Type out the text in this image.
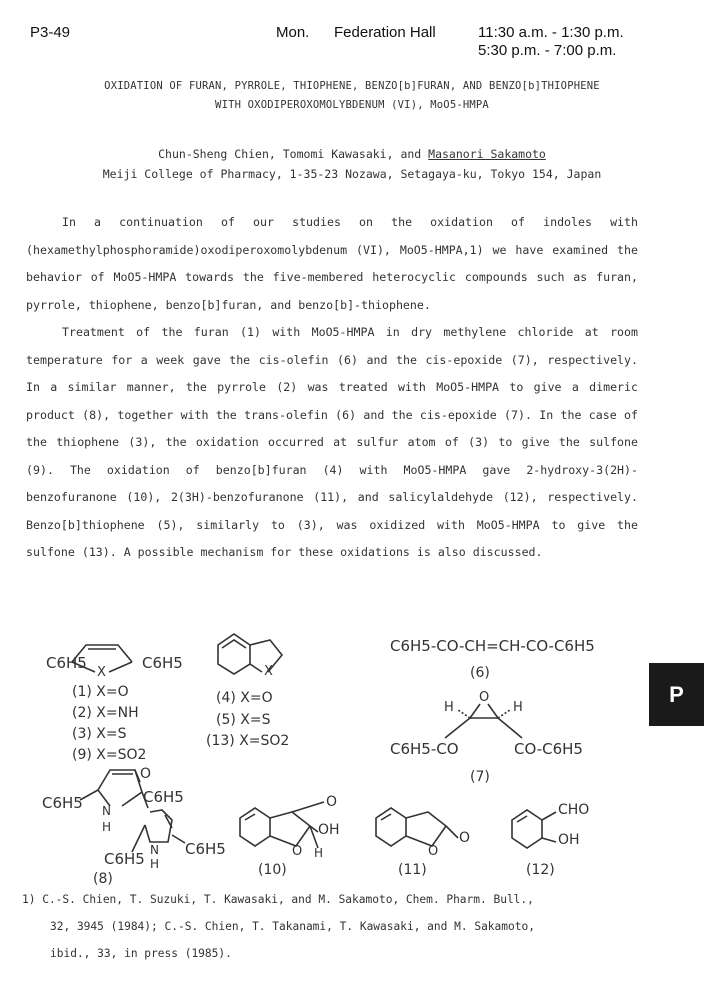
P3-49	Mon. Federation Hall	11:30 a.m. - 1:30 p.m.
5:30 p.m. - 7:00 p.m.
OXIDATION OF FURAN, PYRROLE, THIOPHENE, BENZO[b]FURAN, AND BENZO[b]THIOPHENE
WITH OXODIPEROXOMOLYBDENUM (VI), MoO5-HMPA
Chun-Sheng Chien, Tomomi Kawasaki, and Masanori Sakamoto
Meiji College of Pharmacy, 1-35-23 Nozawa, Setagaya-ku, Tokyo 154, Japan

In a continuation of our studies on the oxidation of indoles with (hexamethylphosphoramide)oxodiperoxomolybdenum (VI), MoO5-HMPA,1) we have examined the behavior of MoO5-HMPA towards the five-membered heterocyclic compounds such as furan, pyrrole, thiophene, benzo[b]furan, and benzo[b]-thiophene.

Treatment of the furan (1) with MoO5-HMPA in dry methylene chloride at room temperature for a week gave the cis-olefin (6) and the cis-epoxide (7), respectively. In a similar manner, the pyrrole (2) was treated with MoO5-HMPA to give a dimeric product (8), together with the trans-olefin (6) and the cis-epoxide (7). In the case of the thiophene (3), the oxidation occurred at sulfur atom of (3) to give the sulfone (9). The oxidation of benzo[b]furan (4) with MoO5-HMPA gave 2-hydroxy-3(2H)-benzofuranone (10), 2(3H)-benzofuranone (11), and salicylaldehyde (12), respectively. Benzo[b]thiophene (5), similarly to (3), was oxidized with MoO5-HMPA to give the sulfone (13). A possible mechanism for these oxidations is also discussed.

P
C6H5
X
C6H5
(1) X=O
(2) X=NH
(3) X=S
(9) X=SO2
X
(4) X=O
(5) X=S
(13) X=SO2
C6H5-CO-CH=CH-CO-C6H5
(6)
O
H	H
C6H5-CO	CO-C6H5
(7)
O
C6H5
C6H5 N
H
N
H
C6H5
C6H5
(8)
O
O
OH
H
(10)
O
O
(11)
CHO
OH
(12)
1) C.-S. Chien, T. Suzuki, T. Kawasaki, and M. Sakamoto, Chem. Pharm. Bull.,
32, 3945 (1984); C.-S. Chien, T. Takanami, T. Kawasaki, and M. Sakamoto,
ibid., 33, in press (1985).
